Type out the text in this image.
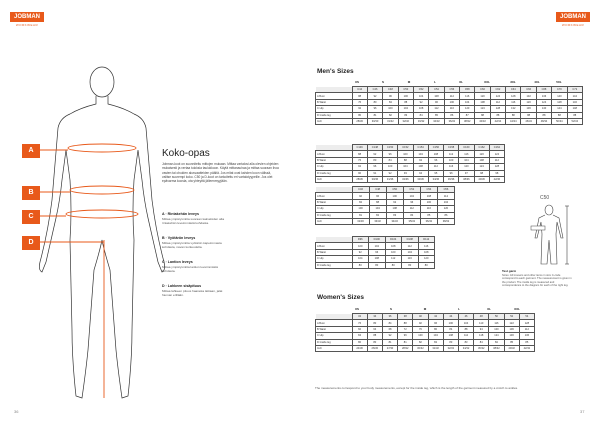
JOBMAN
WORKWEAR
A
B
C
D
Koko-opas
Jobman-koot on suunniteltu mittojen mukaan. Mittaa vartalosi alla olevien ohjeiden mukaisesti ja vertaa tuloksia taulukkoon. Käytä mittanauhaa ja mittaa suoraan ihoa vasten tai ohuiden alusvaatteiden päältä. Jos mitat ovat kahden koon välissä, valitse suurempi koko. C50 ja D-koot on tarkoitettu eri vartalotyypeille. Jos olet epävarma koosta, ota yhteyttä jälleenmyyjään.
A · Rintakehän leveys
Mittaa ympärysmitta suoraan kainaloiden alta rintakehän leveimmästä kohdasta.
B · Vyötärön leveys
Mittaa ympärysmitta vyötärön kapeimmasta kohdasta, navan korkeudelta.
C · Lantion leveys
Mittaa ympärysmitta lantion leveimmästä kohdasta.
D · Lahkeen sisäpituus
Mittaa lahkeen pituus haarasta lattiaan, jalat hieman erillään.
36
JOBMAN
WORKWEAR
Men's Sizes
XS	S	M	L	XL	XXL	3XL	4XL	5XL
	C44	C46	C48	C50	C52	C54	C56	C58	C60	C62	C64	C66	C68	C70	C72
A Bust	88	92	96	100	104	108	112	116	120	124	128	132	136	140	144
B Waist	76	80	84	88	92	96	100	104	108	112	116	120	124	128	132
C Hip	92	96	100	104	108	112	116	120	124	128	132	136	140	144	148
D Inside leg	80	81	82	83	84	85	86	87	88	88	88	88	88	88	88
Inch	28/30	30/30	31/32	32/32	33/32	34/32	36/32	38/32	40/32	42/34	44/34	46/34	48/34	50/34	52/34
	C146	C148	C150	C152	C154	C156	C158	C160	C162	C164
A Bust	88	92	96	100	104	108	112	116	120	124
B Waist	76	80	84	88	92	96	100	104	108	112
C Hip	92	96	100	104	108	112	116	120	124	128
D Inside leg	90	91	92	93	94	95	96	97	98	98
Inch	28/36	30/36	31/36	32/36	33/36	34/36	36/36	38/36	40/36	42/36
	C46	C48	C50	C52	C54	C56
A Bust	92	96	100	104	108	112
B Waist	84	88	92	96	100	104
C Hip	100	104	108	112	116	120
D Inside leg	81	82	83	84	85	86
Inch	32/30	33/32	34/32	35/32	36/32	38/32
	D96	D100	D104	D108	D112
A Bust	100	104	108	112	116
B Waist	92	96	100	104	108
C Hip	104	108	112	116	120
D Inside leg	80	80	80	80	80
Women's Sizes
XS	S	M	L	XL	XXL
	32	34	36	38	40	42	44	46	48	50	52	54
A Bust	76	80	84	88	92	96	100	104	110	116	122	128
B Waist	60	64	68	72	76	80	84	88	94	100	106	112
C Hip	84	88	92	96	100	104	108	112	118	124	130	136
D Inside leg	80	80	81	81	82	82	83	83	84	84	85	85
Inch	24/30	26/30	27/30	28/32	30/32	31/32	32/32	34/32	36/32	38/32	40/32	42/32
C50
Test garm
Sizes: All trousers and other items in size C-code correspond to each garment. The measurement is given in the product. The inside leg is measured and correspondence to the diagram for each of the right leg.
The measurements correspond to your body measurements, except for the inside leg, which is the length of the garment measured by a crotch to ankles.
37
